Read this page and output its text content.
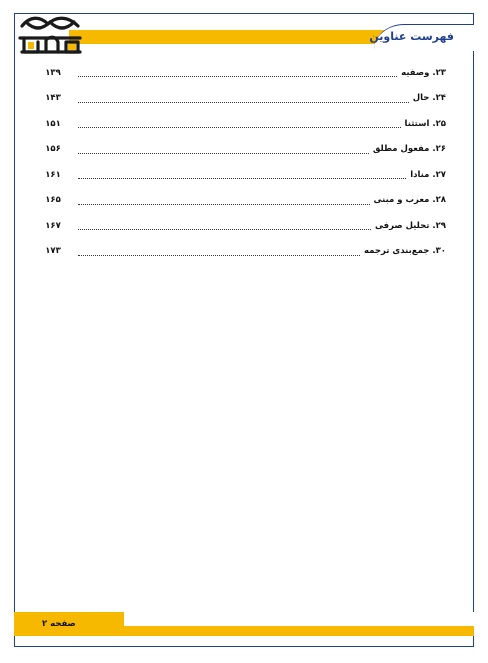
فهرست عناوین
۲۳. وصفیه
۱۳۹
۲۴. حال
۱۴۳
۲۵. استثنا
۱۵۱
۲۶. مفعول مطلق
۱۵۶
۲۷. منادا
۱۶۱
۲۸. معرب و مبنی
۱۶۵
۲۹. تحلیل صرفی
۱۶۷
۳۰. جمع‌بندی ترجمه
۱۷۳
صفحه ۲
